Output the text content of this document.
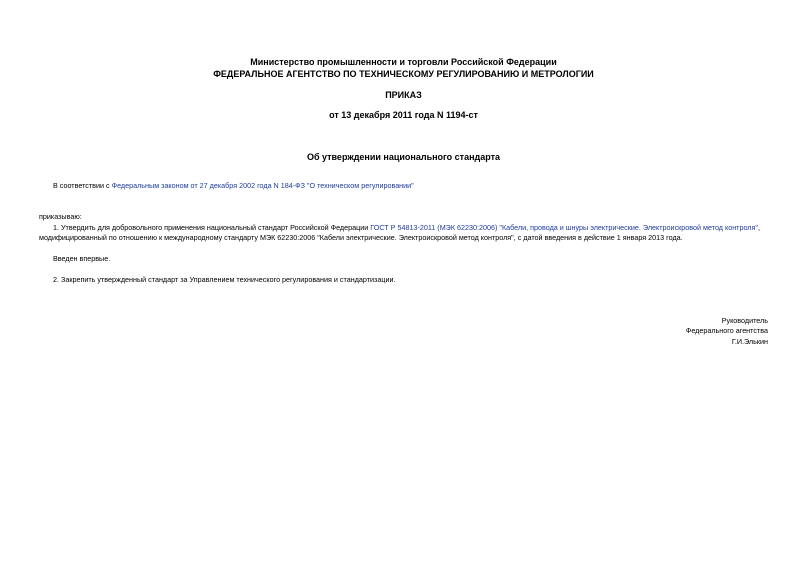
Министерство промышленности и торговли Российской Федерации
ФЕДЕРАЛЬНОЕ АГЕНТСТВО ПО ТЕХНИЧЕСКОМУ РЕГУЛИРОВАНИЮ И МЕТРОЛОГИИ
ПРИКАЗ
от 13 декабря 2011 года N 1194-ст
Об утверждении национального стандарта
В соответствии с Федеральным законом от 27 декабря 2002 года N 184-ФЗ "О техническом регулировании"
приказываю:
1. Утвердить для добровольного применения национальный стандарт Российской Федерации ГОСТ Р 54813-2011 (МЭК 62230:2006) "Кабели, провода и шнуры электрические. Электроискровой метод контроля",
модифицированный по отношению к международному стандарту МЭК 62230:2006 "Кабели электрические. Электроискровой метод контроля", с датой введения в действие 1 января 2013 года.
Введен впервые.
2. Закрепить утвержденный стандарт за Управлением технического регулирования и стандартизации.
Руководитель
Федерального агентства
Г.И.Элькин
